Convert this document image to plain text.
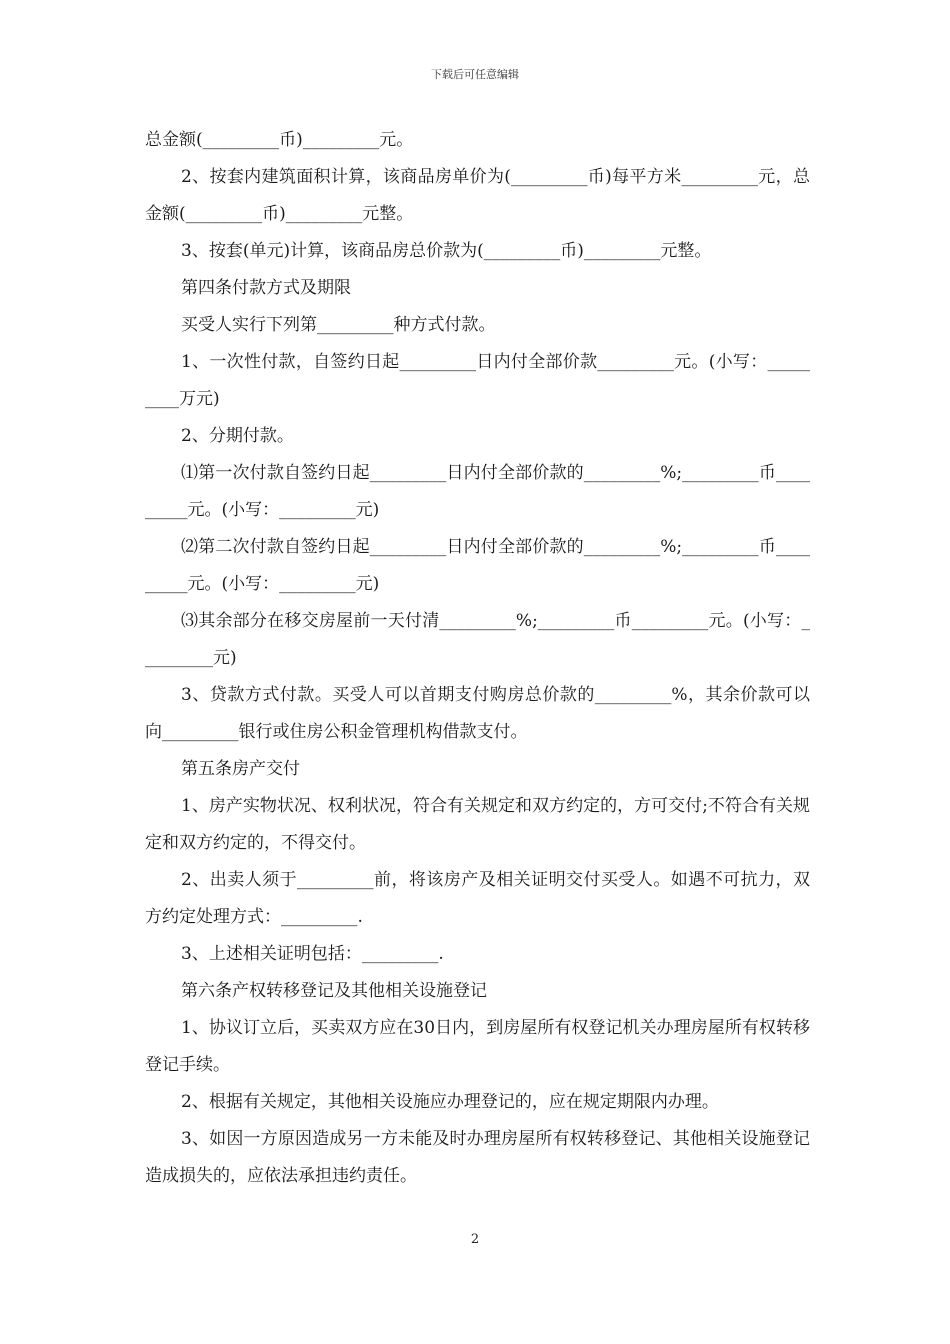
下载后可任意编辑

总金额(_________币)_________元。

2、按套内建筑面积计算，该商品房单价为(_________币)每平方米_________元，总金额(_________币)_________元整。

3、按套(单元)计算，该商品房总价款为(_________币)_________元整。

第四条付款方式及期限

买受人实行下列第_________种方式付款。

1、一次性付款，自签约日起_________日内付全部价款_________元。(小写：_________万元)

2、分期付款。

⑴第一次付款自签约日起_________日内付全部价款的_________%;_________币_________元。(小写：_________元)

⑵第二次付款自签约日起_________日内付全部价款的_________%;_________币_________元。(小写：_________元)

⑶其余部分在移交房屋前一天付清_________%;_________币_________元。(小写：_________元)

3、贷款方式付款。买受人可以首期支付购房总价款的_________%，其余价款可以向_________银行或住房公积金管理机构借款支付。

第五条房产交付

1、房产实物状况、权利状况，符合有关规定和双方约定的，方可交付;不符合有关规定和双方约定的，不得交付。

2、出卖人须于_________前，将该房产及相关证明交付买受人。如遇不可抗力，双方约定处理方式：_________.

3、上述相关证明包括：_________.

第六条产权转移登记及其他相关设施登记

1、协议订立后，买卖双方应在30日内，到房屋所有权登记机关办理房屋所有权转移登记手续。

2、根据有关规定，其他相关设施应办理登记的，应在规定期限内办理。

3、如因一方原因造成另一方未能及时办理房屋所有权转移登记、其他相关设施登记造成损失的，应依法承担违约责任。

2
